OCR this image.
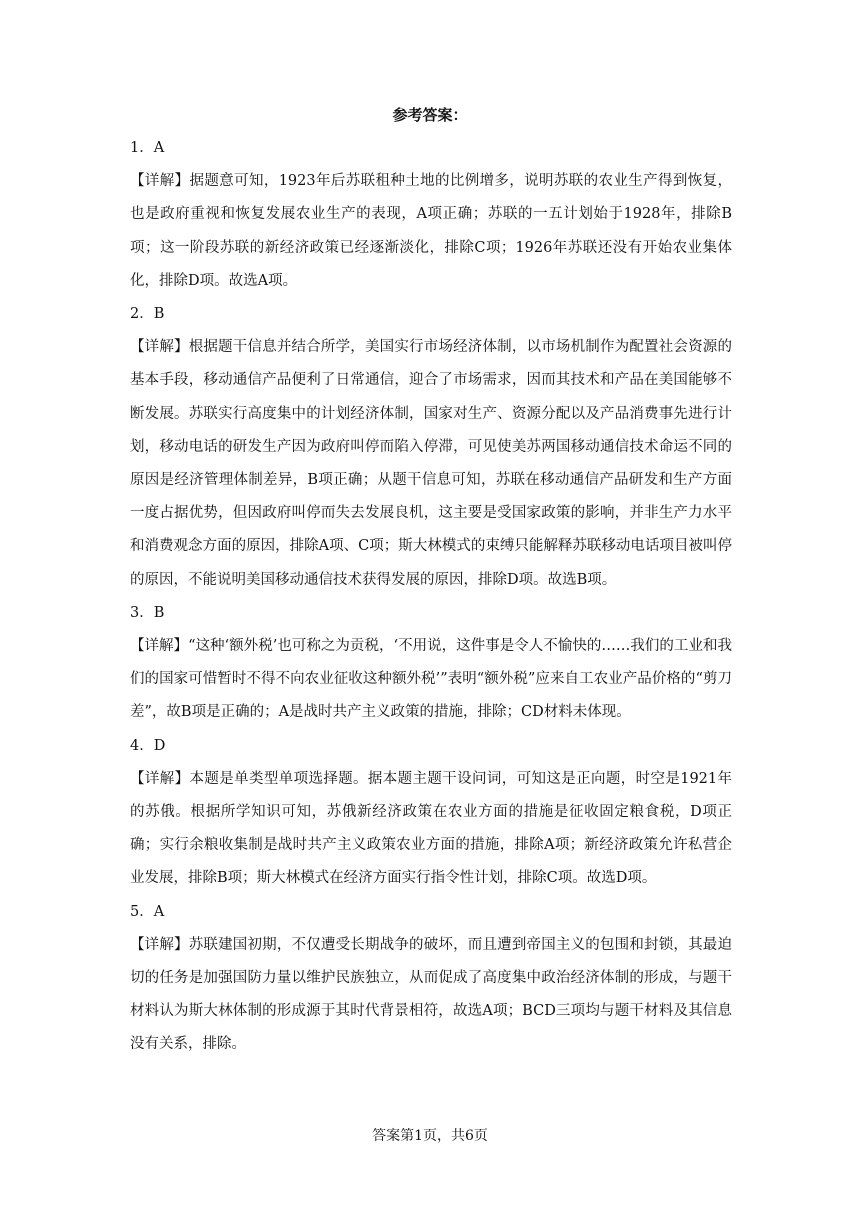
参考答案：

1．A

【详解】据题意可知，1923年后苏联租种土地的比例增多，说明苏联的农业生产得到恢复，也是政府重视和恢复发展农业生产的表现，A项正确；苏联的一五计划始于1928年，排除B项；这一阶段苏联的新经济政策已经逐渐淡化，排除C项；1926年苏联还没有开始农业集体化，排除D项。故选A项。

2．B

【详解】根据题干信息并结合所学，美国实行市场经济体制，以市场机制作为配置社会资源的基本手段，移动通信产品便利了日常通信，迎合了市场需求，因而其技术和产品在美国能够不断发展。苏联实行高度集中的计划经济体制，国家对生产、资源分配以及产品消费事先进行计划，移动电话的研发生产因为政府叫停而陷入停滞，可见使美苏两国移动通信技术命运不同的原因是经济管理体制差异，B项正确；从题干信息可知，苏联在移动通信产品研发和生产方面一度占据优势，但因政府叫停而失去发展良机，这主要是受国家政策的影响，并非生产力水平和消费观念方面的原因，排除A项、C项；斯大林模式的束缚只能解释苏联移动电话项目被叫停的原因，不能说明美国移动通信技术获得发展的原因，排除D项。故选B项。

3．B

【详解】“这种‘额外税’也可称之为贡税，‘不用说，这件事是令人不愉快的……我们的工业和我们的国家可惜暂时不得不向农业征收这种额外税’”表明“额外税”应来自工农业产品价格的“剪刀差”，故B项是正确的；A是战时共产主义政策的措施，排除；CD材料未体现。

4．D

【详解】本题是单类型单项选择题。据本题主题干设问词，可知这是正向题，时空是1921年的苏俄。根据所学知识可知，苏俄新经济政策在农业方面的措施是征收固定粮食税，D项正确；实行余粮收集制是战时共产主义政策农业方面的措施，排除A项；新经济政策允许私营企业发展，排除B项；斯大林模式在经济方面实行指令性计划，排除C项。故选D项。

5．A

【详解】苏联建国初期，不仅遭受长期战争的破坏，而且遭到帝国主义的包围和封锁，其最迫切的任务是加强国防力量以维护民族独立，从而促成了高度集中政治经济体制的形成，与题干材料认为斯大林体制的形成源于其时代背景相符，故选A项；BCD三项均与题干材料及其信息没有关系，排除。

答案第1页，共6页
